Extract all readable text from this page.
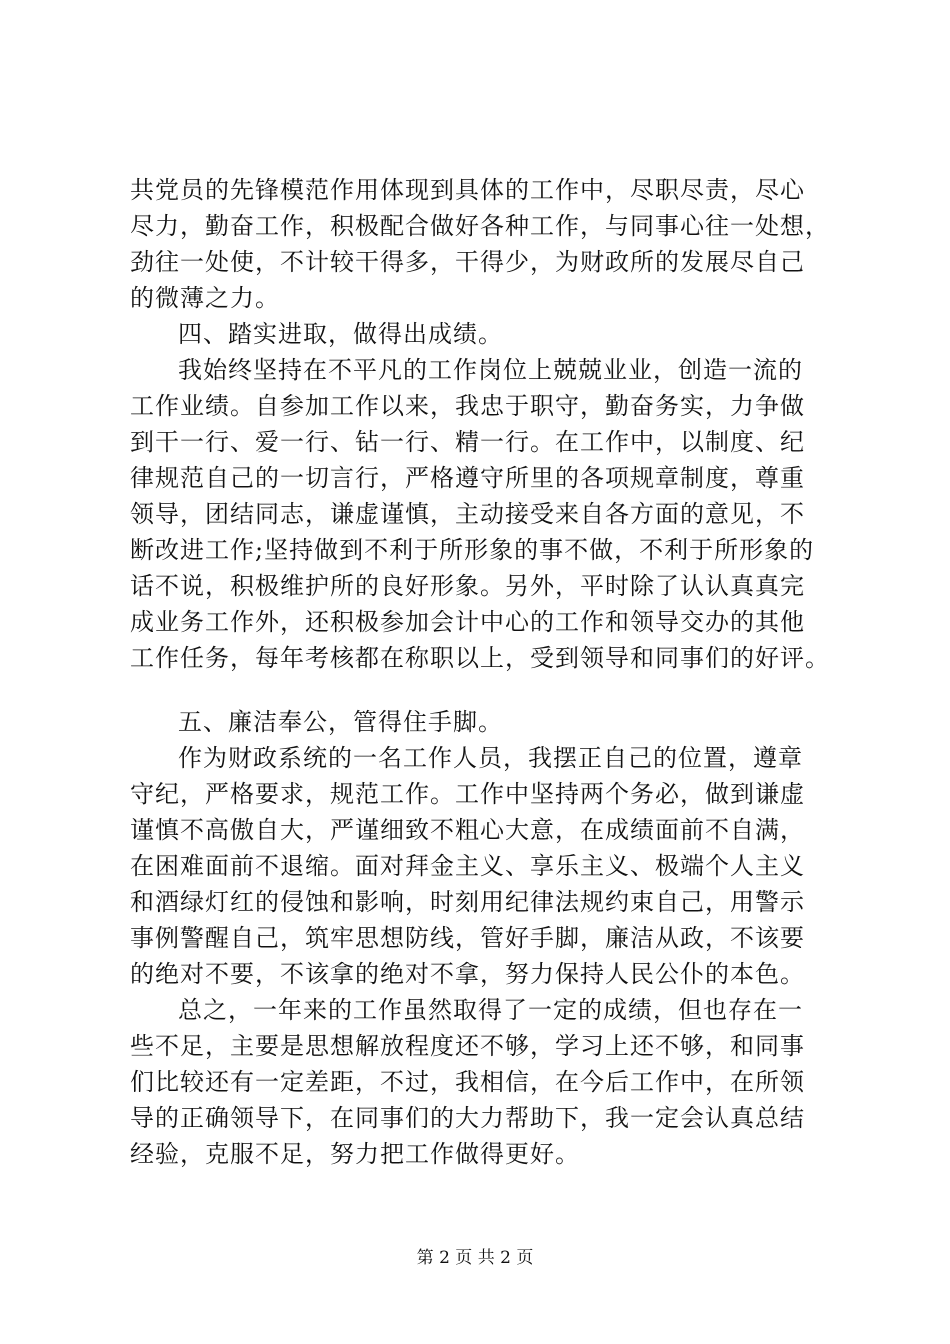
共党员的先锋模范作用体现到具体的工作中，尽职尽责，尽心
尽力，勤奋工作，积极配合做好各种工作，与同事心往一处想，
劲往一处使，不计较干得多，干得少，为财政所的发展尽自己
的微薄之力。
四、踏实进取，做得出成绩。
我始终坚持在不平凡的工作岗位上兢兢业业，创造一流的
工作业绩。自参加工作以来，我忠于职守，勤奋务实，力争做
到干一行、爱一行、钻一行、精一行。在工作中，以制度、纪
律规范自己的一切言行，严格遵守所里的各项规章制度，尊重
领导，团结同志，谦虚谨慎，主动接受来自各方面的意见，不
断改进工作;坚持做到不利于所形象的事不做，不利于所形象的
话不说，积极维护所的良好形象。另外，平时除了认认真真完
成业务工作外，还积极参加会计中心的工作和领导交办的其他
工作任务，每年考核都在称职以上，受到领导和同事们的好评。
五、廉洁奉公，管得住手脚。
作为财政系统的一名工作人员，我摆正自己的位置，遵章
守纪，严格要求，规范工作。工作中坚持两个务必，做到谦虚
谨慎不高傲自大，严谨细致不粗心大意，在成绩面前不自满，
在困难面前不退缩。面对拜金主义、享乐主义、极端个人主义
和酒绿灯红的侵蚀和影响，时刻用纪律法规约束自己，用警示
事例警醒自己，筑牢思想防线，管好手脚，廉洁从政，不该要
的绝对不要，不该拿的绝对不拿，努力保持人民公仆的本色。
总之，一年来的工作虽然取得了一定的成绩，但也存在一
些不足，主要是思想解放程度还不够，学习上还不够，和同事
们比较还有一定差距，不过，我相信，在今后工作中，在所领
导的正确领导下，在同事们的大力帮助下，我一定会认真总结
经验，克服不足，努力把工作做得更好。
第 2 页 共 2 页
